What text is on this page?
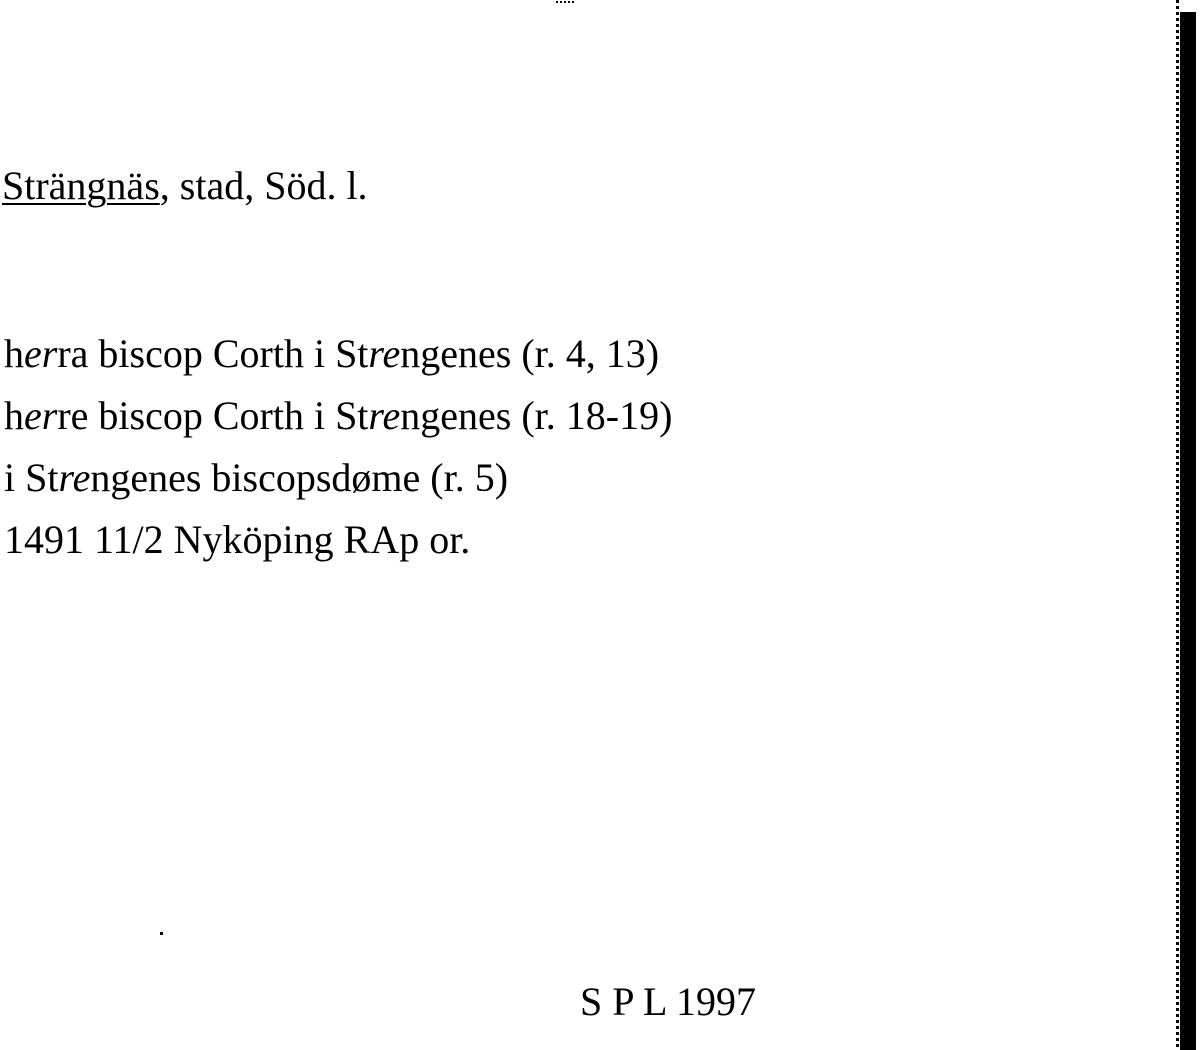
Strängnäs, stad, Söd. l.
herra biscop Corth i Strengenes (r. 4, 13)
herre biscop Corth i Strengenes (r. 18-19)
i Strengenes biscopsdøme (r. 5)
1491 11/2 Nyköping RAp or.
S P L 1997
